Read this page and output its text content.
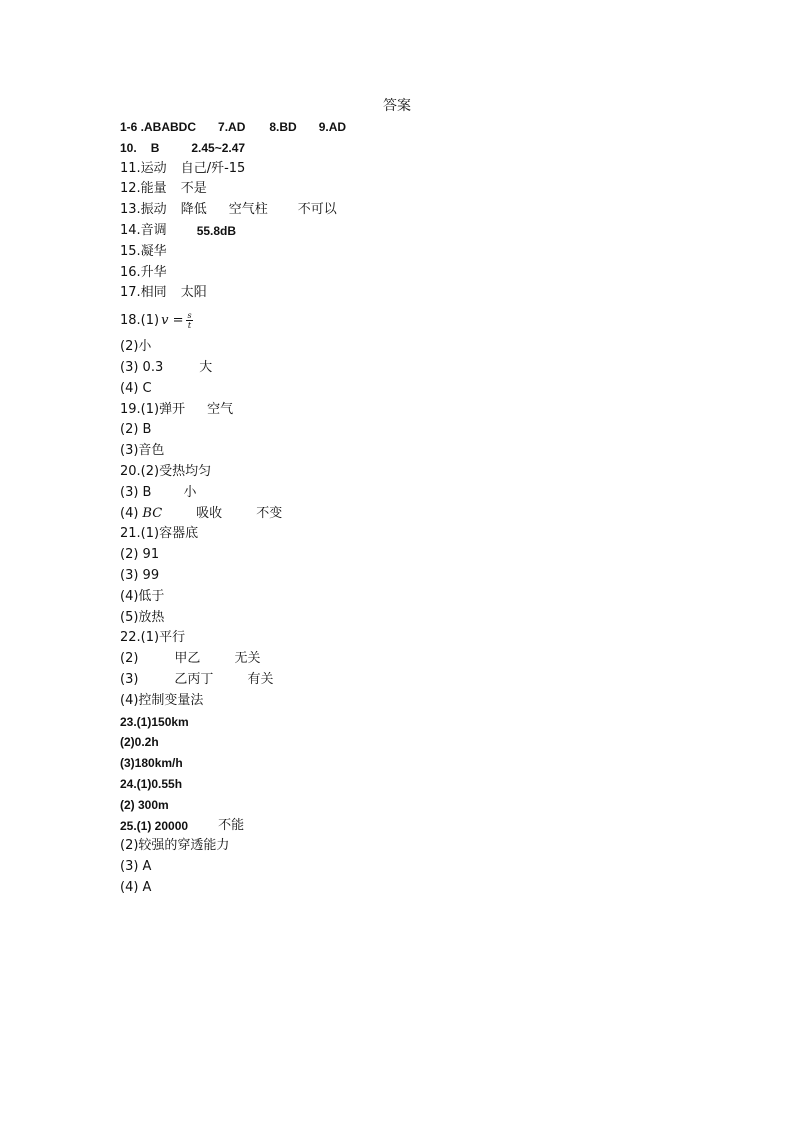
答案
1-6 .ABABDC 7.AD 8.BD 9.AD
10. B	2.45~2.47
11.运动 自己/歼-15
12.能量 不是
13.振动 降低 空气柱 不可以
14.音调	55.8dB
15.凝华
16.升华
17.相同 太阳
18.(1) $v = \frac{s}{t}$
(2)小
(3) 0.3	大
(4) C
19.(1)弹开 空气
(2) B
(3)音色
20.(2)受热均匀
(3) B 小
(4)BC	吸收	不变
21.(1)容器底
(2) 91
(3) 99
(4)低于
(5)放热
22.(1)平行
(2)	甲乙	无关
(3)	乙丙丁	有关
(4)控制变量法
23.(1)150km
(2)0.2h
(3)180km/h
24.(1)0.55h
(2) 300m
25.(1) 20000 不能
(2)较强的穿透能力
(3) A
(4) A
